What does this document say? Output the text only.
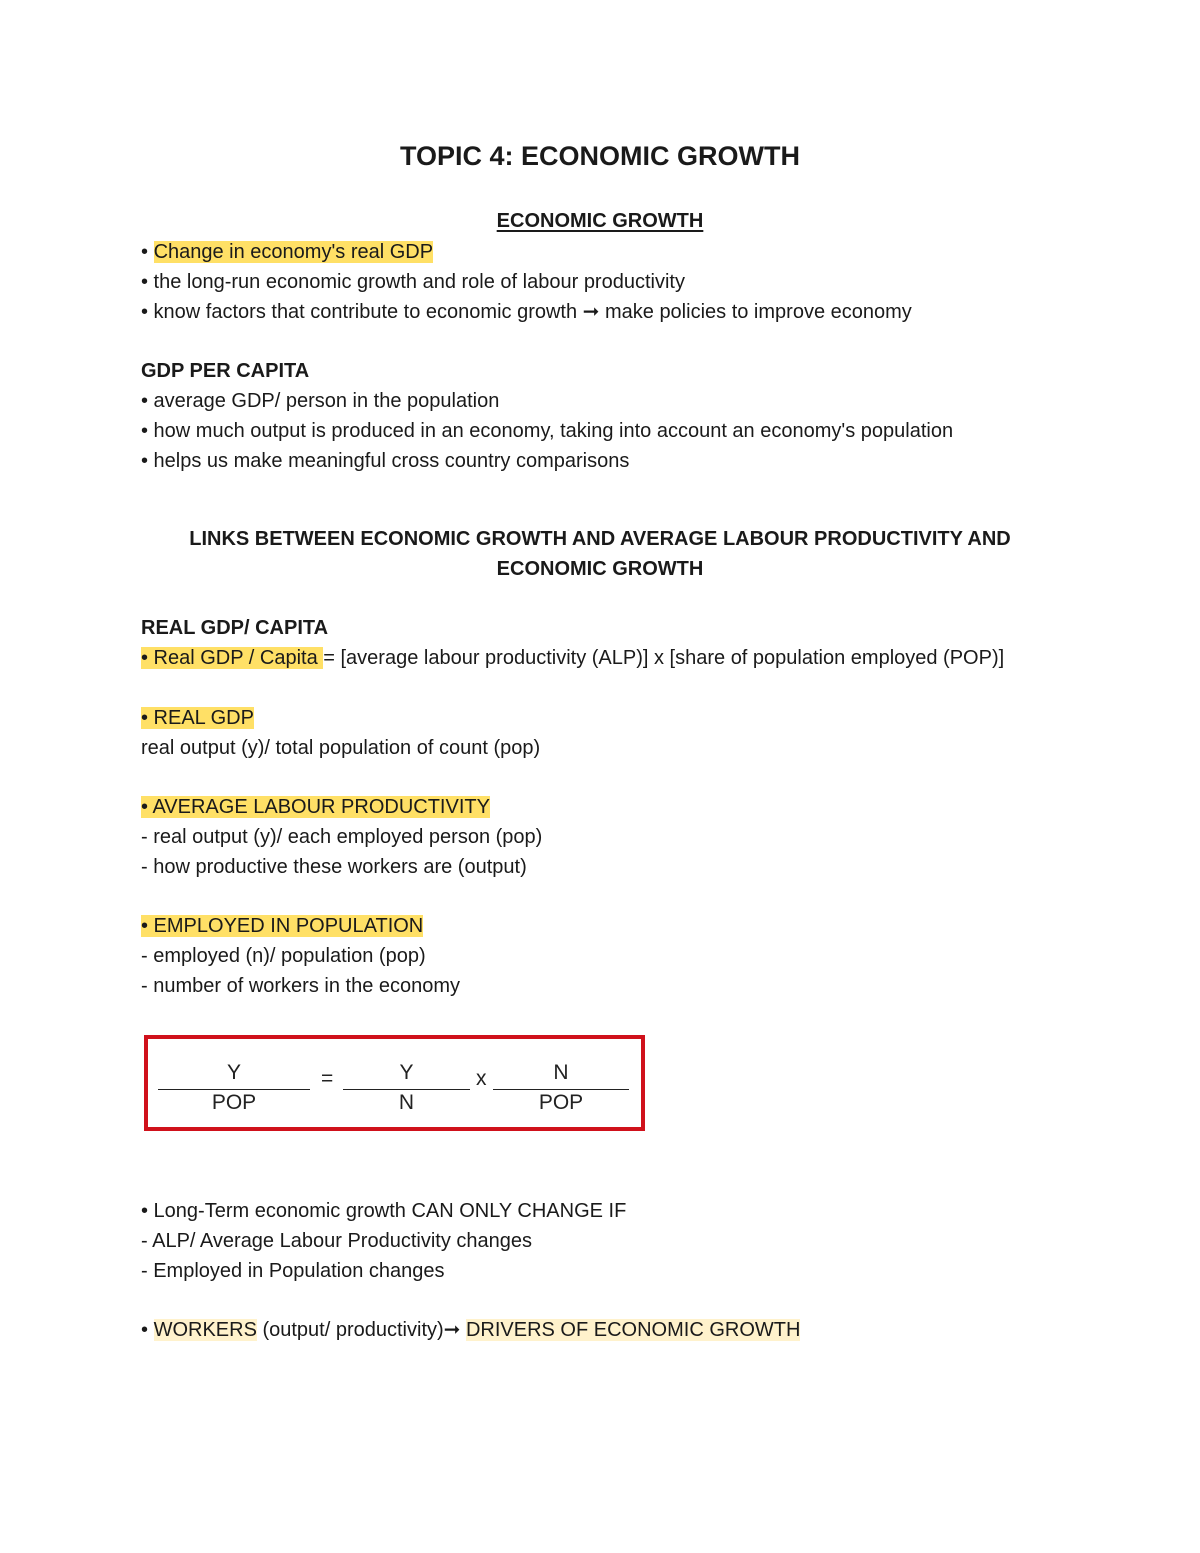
TOPIC 4: ECONOMIC GROWTH
ECONOMIC GROWTH
• Change in economy's real GDP
• the long-run economic growth and role of labour productivity
• know factors that contribute to economic growth ➞ make policies to improve economy
GDP PER CAPITA
• average GDP/ person in the population
• how much output is produced in an economy, taking into account an economy's population
• helps us make meaningful cross country comparisons
LINKS BETWEEN ECONOMIC GROWTH AND AVERAGE LABOUR PRODUCTIVITY AND
ECONOMIC GROWTH
REAL GDP/ CAPITA
• Real GDP / Capita = [average labour productivity (ALP)] x [share of population employed (POP)]
• REAL GDP
real output (y)/ total population of count (pop)
• AVERAGE LABOUR PRODUCTIVITY
- real output (y)/ each employed person (pop)
- how productive these workers are (output)
• EMPLOYED IN POPULATION
- employed (n)/ population (pop)
- number of workers in the economy
Y
POP
=	Y
N
x	N
POP
• Long-Term economic growth CAN ONLY CHANGE IF
- ALP/ Average Labour Productivity changes
- Employed in Population changes
• WORKERS (output/ productivity)➞ DRIVERS OF ECONOMIC GROWTH
